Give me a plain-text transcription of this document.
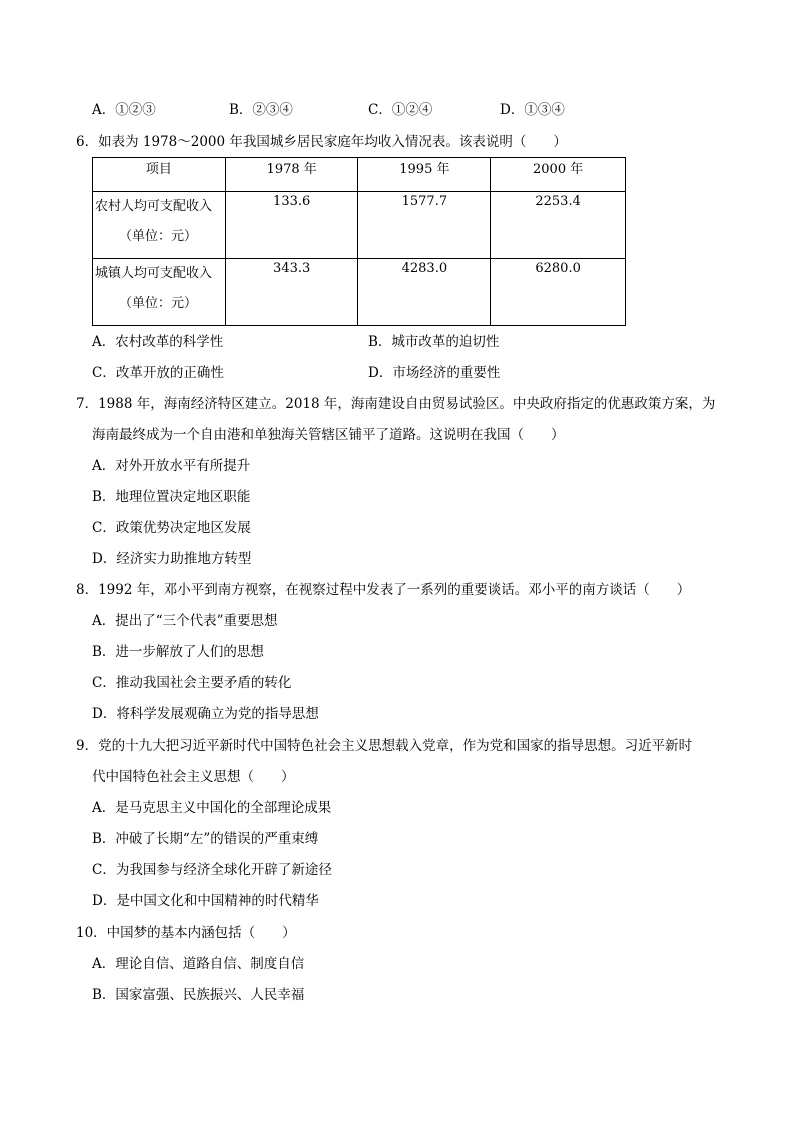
A．①②③	B．②③④	C．①②④	D．①③④
6．如表为 1978～2000 年我国城乡居民家庭年均收入情况表。该表说明（　　）
项目	1978 年	1995 年	2000 年

农村人均可支配收入
（单位：元）	133.6	1577.7	2253.4

城镇人均可支配收入
（单位：元）	343.3	4283.0	6280.0
A．农村改革的科学性	B．城市改革的迫切性
C．改革开放的正确性	D．市场经济的重要性
7．1988 年，海南经济特区建立。2018 年，海南建设自由贸易试验区。中央政府指定的优惠政策方案，为
海南最终成为一个自由港和单独海关管辖区铺平了道路。这说明在我国（　　）
A．对外开放水平有所提升
B．地理位置决定地区职能
C．政策优势决定地区发展
D．经济实力助推地方转型
8．1992 年，邓小平到南方视察，在视察过程中发表了一系列的重要谈话。邓小平的南方谈话（　　）
A．提出了“三个代表”重要思想
B．进一步解放了人们的思想
C．推动我国社会主要矛盾的转化
D．将科学发展观确立为党的指导思想
9．党的十九大把习近平新时代中国特色社会主义思想载入党章，作为党和国家的指导思想。习近平新时
代中国特色社会主义思想（　　）
A．是马克思主义中国化的全部理论成果
B．冲破了长期“左”的错误的严重束缚
C．为我国参与经济全球化开辟了新途径
D．是中国文化和中国精神的时代精华
10．中国梦的基本内涵包括（　　）
A．理论自信、道路自信、制度自信
B．国家富强、民族振兴、人民幸福
